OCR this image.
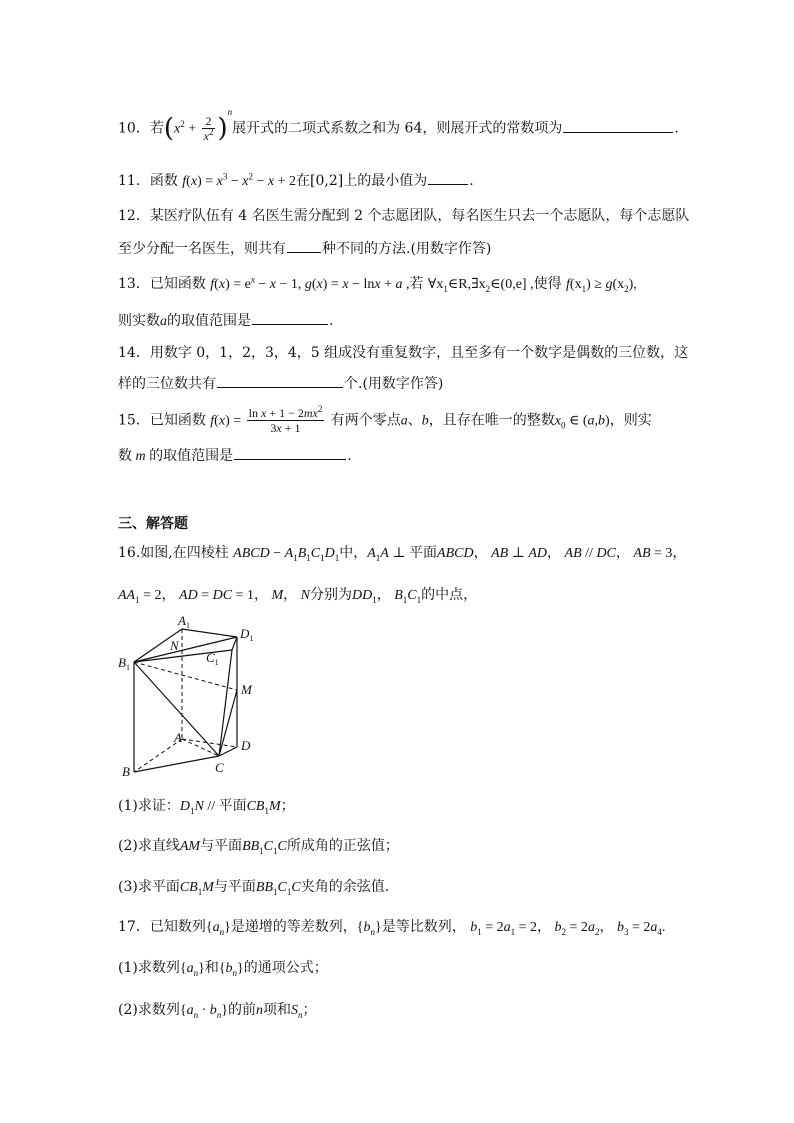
10．若$(x^2 + \frac{2}{x^2} )^n$展开式的二项式系数之和为 64，则展开式的常数项为	.
11．函数 $f(x) = x^3 - x^2 - x + 2$在[0,2]上的最小值为	.
12．某医疗队伍有 4 名医生需分配到 2 个志愿团队，每名医生只去一个志愿队，每个志愿队
至少分配一名医生，则共有	种不同的方法.(用数字作答)
13．已知函数 $f(x) = e^x - x - 1$, g(x) = x − lnx + a ,若 $\forall x_1\in R,\exists x_2\in(0,e]$ ,使得 $f(x_1) \ge g(x_2)$,
则实数a的取值范围是	.
14．用数字 0，1，2，3，4，5 组成没有重复数字，且至多有一个数字是偶数的三位数，这
样的三位数共有	个.(用数字作答)
15．已知函数 $f(x) = \frac{\ln x + 1 - 2mx^2}{3x + 1}$ 有两个零点a、b，且存在唯一的整数$x_0$ ∈ (a,b)，则实
数 m 的取值范围是	.
三、解答题
16.如图,在四棱柱 ABCD − $A_1B_1C_1D_1$中，$A_1A$ ⊥ 平面ABCD， AB ⊥ AD， AB // DC， AB = 3，
$AA_1 = 2$， AD = DC = 1， M， N分别为$DD_1$， $B_1C_1$的中点，
$A_1$
$D_1$
N
$C_1$
$B_1$
M
A
D
B	C
(1)求证：$D_1N$ // 平面$CB_1M$；
(2)求直线AM与平面$BB_1C_1C$所成角的正弦值；
(3)求平面$CB_1M$与平面$BB_1C_1C$夹角的余弦值.
17．已知数列$\{a_n\}$是递增的等差数列，$\{b_n\}$是等比数列， $b_1 = 2a_1 = 2$， $b_2 = 2a_2$， $b_3 = 2a_4$.
(1)求数列$\{a_n\}$和$\{b_n\}$的通项公式；
(2)求数列$\{a_n \cdot b_n\}$的前n项和$S_n$；
